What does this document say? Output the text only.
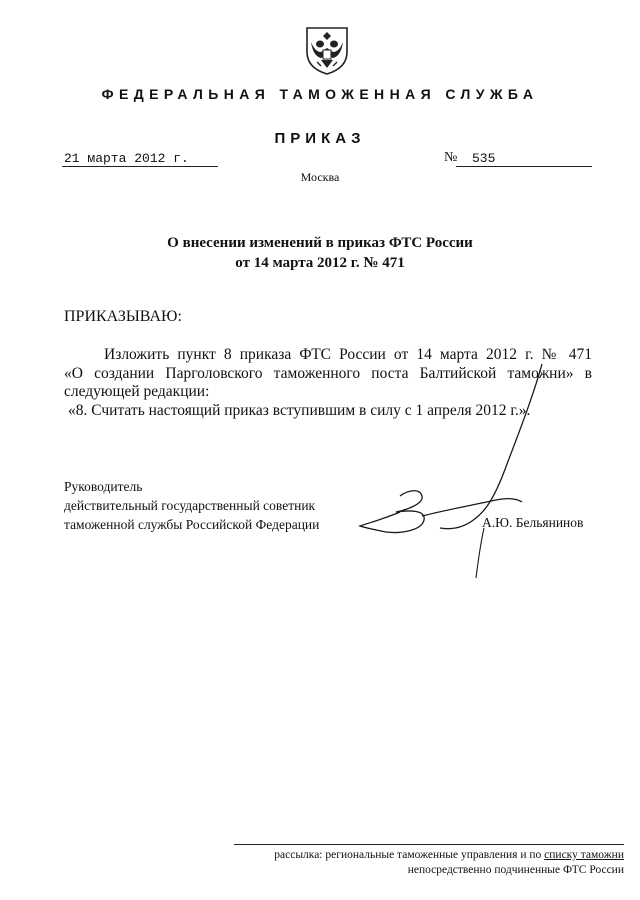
ФЕДЕРАЛЬНАЯ ТАМОЖЕННАЯ СЛУЖБА
ПРИКАЗ
21 марта 2012 г.	№ 535
Москва
О внесении изменений в приказ ФТС России
от 14 марта 2012 г. № 471
ПРИКАЗЫВАЮ:

Изложить пункт 8 приказа ФТС России от 14 марта 2012 г. № 471

«О создании Парголовского таможенного поста Балтийской таможни» в

следующей редакции:

«8. Считать настоящий приказ вступившим в силу с 1 апреля 2012 г.».

Руководитель
действительный государственный советник
таможенной службы Российской Федерации	А.Ю. Бельянинов
рассылка: региональные таможенные управления и по списку таможни
непосредственно подчиненные ФТС России
